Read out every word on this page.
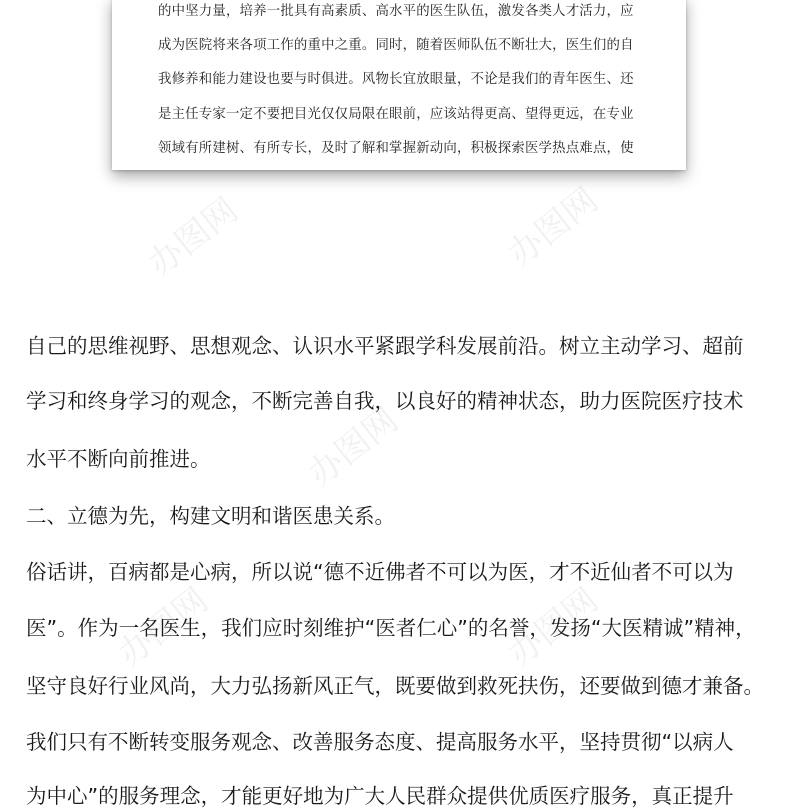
办图网	办图网
办图网
办图网	办图网
的中坚力量，培养一批具有高素质、高水平的医生队伍，激发各类人才活力，应
成为医院将来各项工作的重中之重。同时，随着医师队伍不断壮大，医生们的自
我修养和能力建设也要与时俱进。风物长宜放眼量，不论是我们的青年医生、还
是主任专家一定不要把目光仅仅局限在眼前，应该站得更高、望得更远，在专业
领域有所建树、有所专长，及时了解和掌握新动向，积极探索医学热点难点，使
自己的思维视野、思想观念、认识水平紧跟学科发展前沿。树立主动学习、超前
学习和终身学习的观念，不断完善自我，以良好的精神状态，助力医院医疗技术
水平不断向前推进。
二、立德为先，构建文明和谐医患关系。
俗话讲，百病都是心病，所以说“德不近佛者不可以为医，才不近仙者不可以为
医”。作为一名医生，我们应时刻维护“医者仁心”的名誉，发扬“大医精诚”精神，
坚守良好行业风尚，大力弘扬新风正气，既要做到救死扶伤，还要做到德才兼备。
我们只有不断转变服务观念、改善服务态度、提高服务水平，坚持贯彻“以病人
为中心”的服务理念，才能更好地为广大人民群众提供优质医疗服务，真正提升
